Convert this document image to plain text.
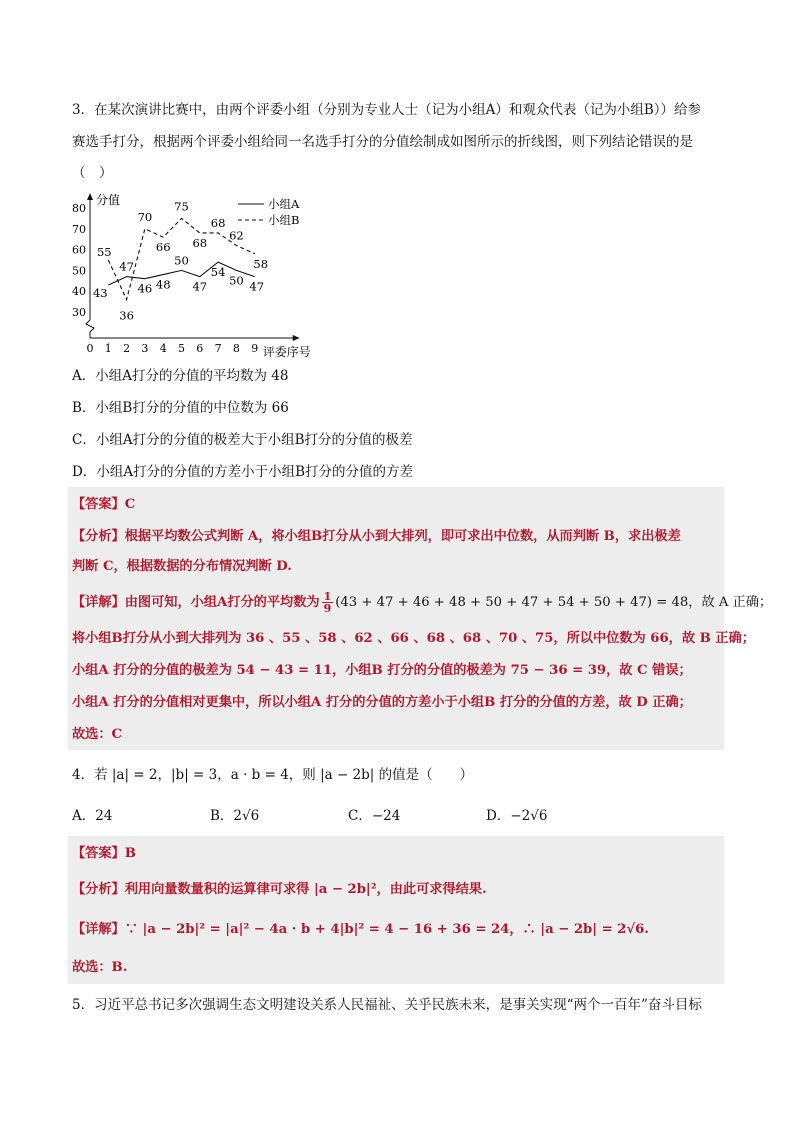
3．在某次演讲比赛中，由两个评委小组（分别为专业人士（记为小组A）和观众代表（记为小组B））给参
赛选手打分，根据两个评委小组给同一名选手打分的分值绘制成如图所示的折线图，则下列结论错误的是
（　）
30
40
50
60
70
80
0 1 2 3 4 5 6 7 8 9
分值
评委序号
43
47
46 48
50
47
54
50 47
55
36
70
66
75
68
68
62
58
小组A
小组B
A．小组A打分的分值的平均数为 48
B．小组B打分的分值的中位数为 66
C．小组A打分的分值的极差大于小组B打分的分值的极差
D．小组A打分的分值的方差小于小组B打分的分值的方差
【答案】C
【分析】根据平均数公式判断 A，将小组B打分从小到大排列，即可求出中位数，从而判断 B，求出极差
判断 C，根据数据的分布情况判断 D.
【详解】由图可知，小组A打分的平均数为 $\frac{1}{9} (43 + 47 + 46 + 48 + 50 + 47 + 54 + 50 + 47) = 48$，故 A 正确；
将小组B打分从小到大排列为 36 、55 、58 、62 、66 、68 、68 、70 、75，所以中位数为 66，故 B 正确；
小组A 打分的分值的极差为 54 − 43 = 11，小组B 打分的分值的极差为 75 − 36 = 39，故 C 错误；
小组A 打分的分值相对更集中，所以小组A 打分的分值的方差小于小组B 打分的分值的方差，故 D 正确；
故选：C
4．若 |a| = 2，|b| = 3，a · b = 4，则 |a − 2b| 的值是（　　）
A．24	B．2√6	C．−24	D．−2√6
【答案】B
【分析】利用向量数量积的运算律可求得 |a − 2b|²，由此可求得结果.
【详解】∵ |a − 2b|² = |a|² − 4a · b + 4|b|² = 4 − 16 + 36 = 24，∴ |a − 2b| = 2√6.
故选：B.
5．习近平总书记多次强调生态文明建设关系人民福祉、关乎民族未来，是事关实现“两个一百年”奋斗目标
